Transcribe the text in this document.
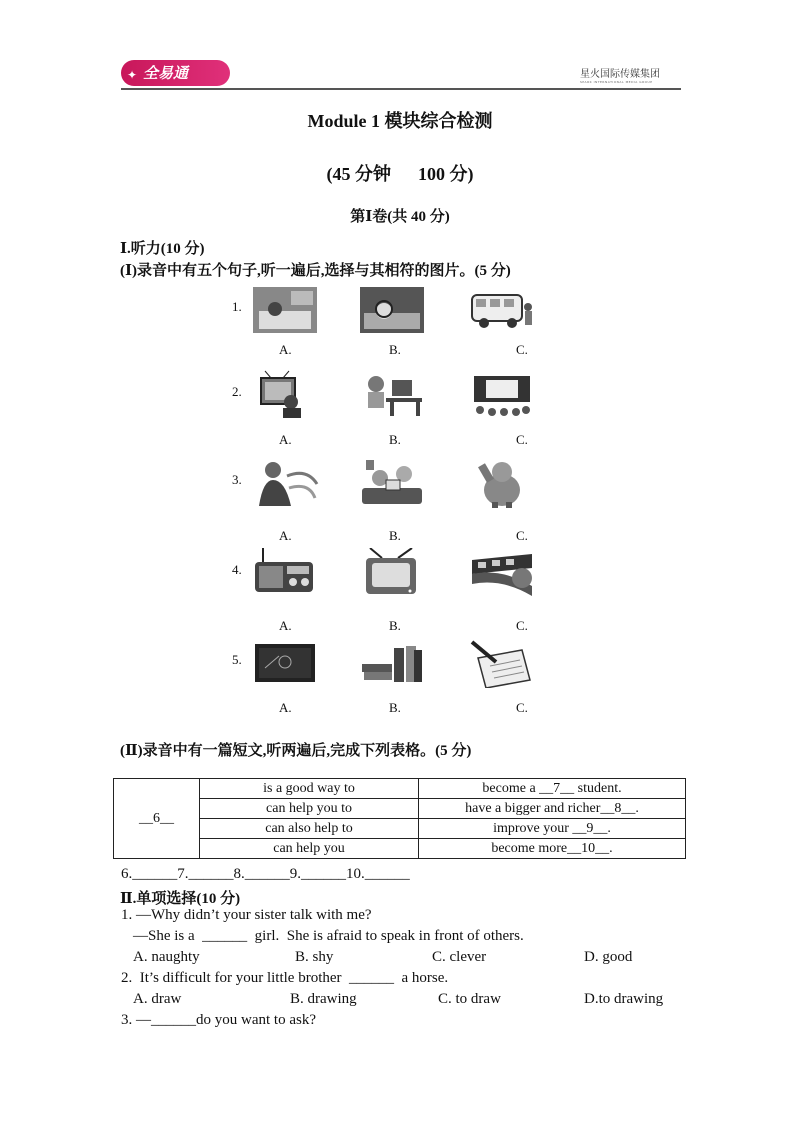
✦ 全易通	星火国际传媒集团
SPARK INTERNATIONAL MEDIA GROUP
Module 1 模块综合检测
(45 分钟      100 分)
第Ⅰ卷(共 40 分)
Ⅰ.听力(10 分)
(Ⅰ)录音中有五个句子,听一遍后,选择与其相符的图片。(5 分)
1.
A.	B.	C.
2.
A.	B.	C.
3.
A.	B.	C.
4.
A.	B.	C.
5.
A.	B.	C.
(Ⅱ)录音中有一篇短文,听两遍后,完成下列表格。(5 分)
__6__	is a good way to	become a __7__ student.
	can help you to	have a bigger and richer__8__.
	can also help to	improve your __9__.
	can help you	become more__10__.
6.______7.______8.______9.______10.______
Ⅱ.单项选择(10 分)
1. —Why didn’t your sister talk with me?
—She is a  ______  girl.  She is afraid to speak in front of others.
A. naughty	B. shy	C. clever	D. good
2.  It’s difficult for your little brother  ______  a horse.
A. draw	B. drawing	C. to draw	D.to drawing
3. —______do you want to ask?
